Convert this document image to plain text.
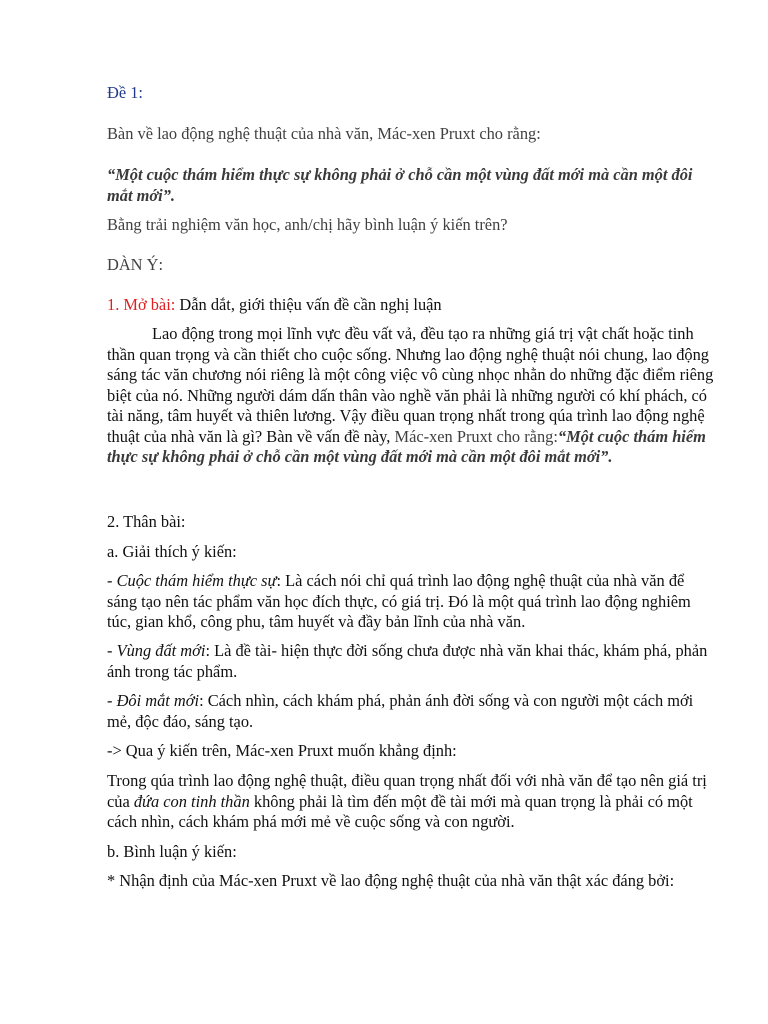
Đề 1:
Bàn về lao động nghệ thuật của nhà văn, Mác-xen Pruxt cho rằng:
“Một cuộc thám hiểm thực sự không phải ở chỗ cần một vùng đất mới mà cần một đôi mắt mới”.
Bằng trải nghiệm văn học, anh/chị hãy bình luận ý kiến trên?
DÀN Ý:
1. Mở bài: Dẫn dắt, giới thiệu vấn đề cần nghị luận
Lao động trong mọi lĩnh vực đều vất vả, đều tạo ra những giá trị vật chất hoặc tinh thần quan trọng và cần thiết cho cuộc sống. Nhưng lao động nghệ thuật nói chung, lao động sáng tác văn chương nói riêng là một công việc vô cùng nhọc nhằn do những đặc điểm riêng biệt của nó. Những người dám dấn thân vào nghề văn phải là những người có khí phách, có tài năng, tâm huyết và thiên lương. Vậy điều quan trọng nhất trong qúa trình lao động nghệ thuật của nhà văn là gì? Bàn về vấn đề này, Mác-xen Pruxt cho rằng:“Một cuộc thám hiểm thực sự không phải ở chỗ cần một vùng đất mới mà cần một đôi mắt mới”.
2. Thân bài:
a. Giải thích ý kiến:
- Cuộc thám hiểm thực sự: Là cách nói chỉ quá trình lao động nghệ thuật của nhà văn để sáng tạo nên tác phẩm văn học đích thực, có giá trị. Đó là một quá trình lao động nghiêm túc, gian khổ, công phu, tâm huyết và đầy bản lĩnh của nhà văn.
- Vùng đất mới: Là đề tài- hiện thực đời sống chưa được nhà văn khai thác, khám phá, phản ánh trong tác phẩm.
- Đôi mắt mới: Cách nhìn, cách khám phá, phản ánh đời sống và con người một cách mới mẻ, độc đáo, sáng tạo.
-> Qua ý kiến trên, Mác-xen Pruxt muốn khẳng định:
Trong qúa trình lao động nghệ thuật, điều quan trọng nhất đối với nhà văn để tạo nên giá trị của đứa con tinh thần không phải là tìm đến một đề tài mới mà quan trọng là phải có một cách nhìn, cách khám phá mới mẻ về cuộc sống và con người.
b. Bình luận ý kiến:
* Nhận định của Mác-xen Pruxt về lao động nghệ thuật của nhà văn thật xác đáng bởi:
